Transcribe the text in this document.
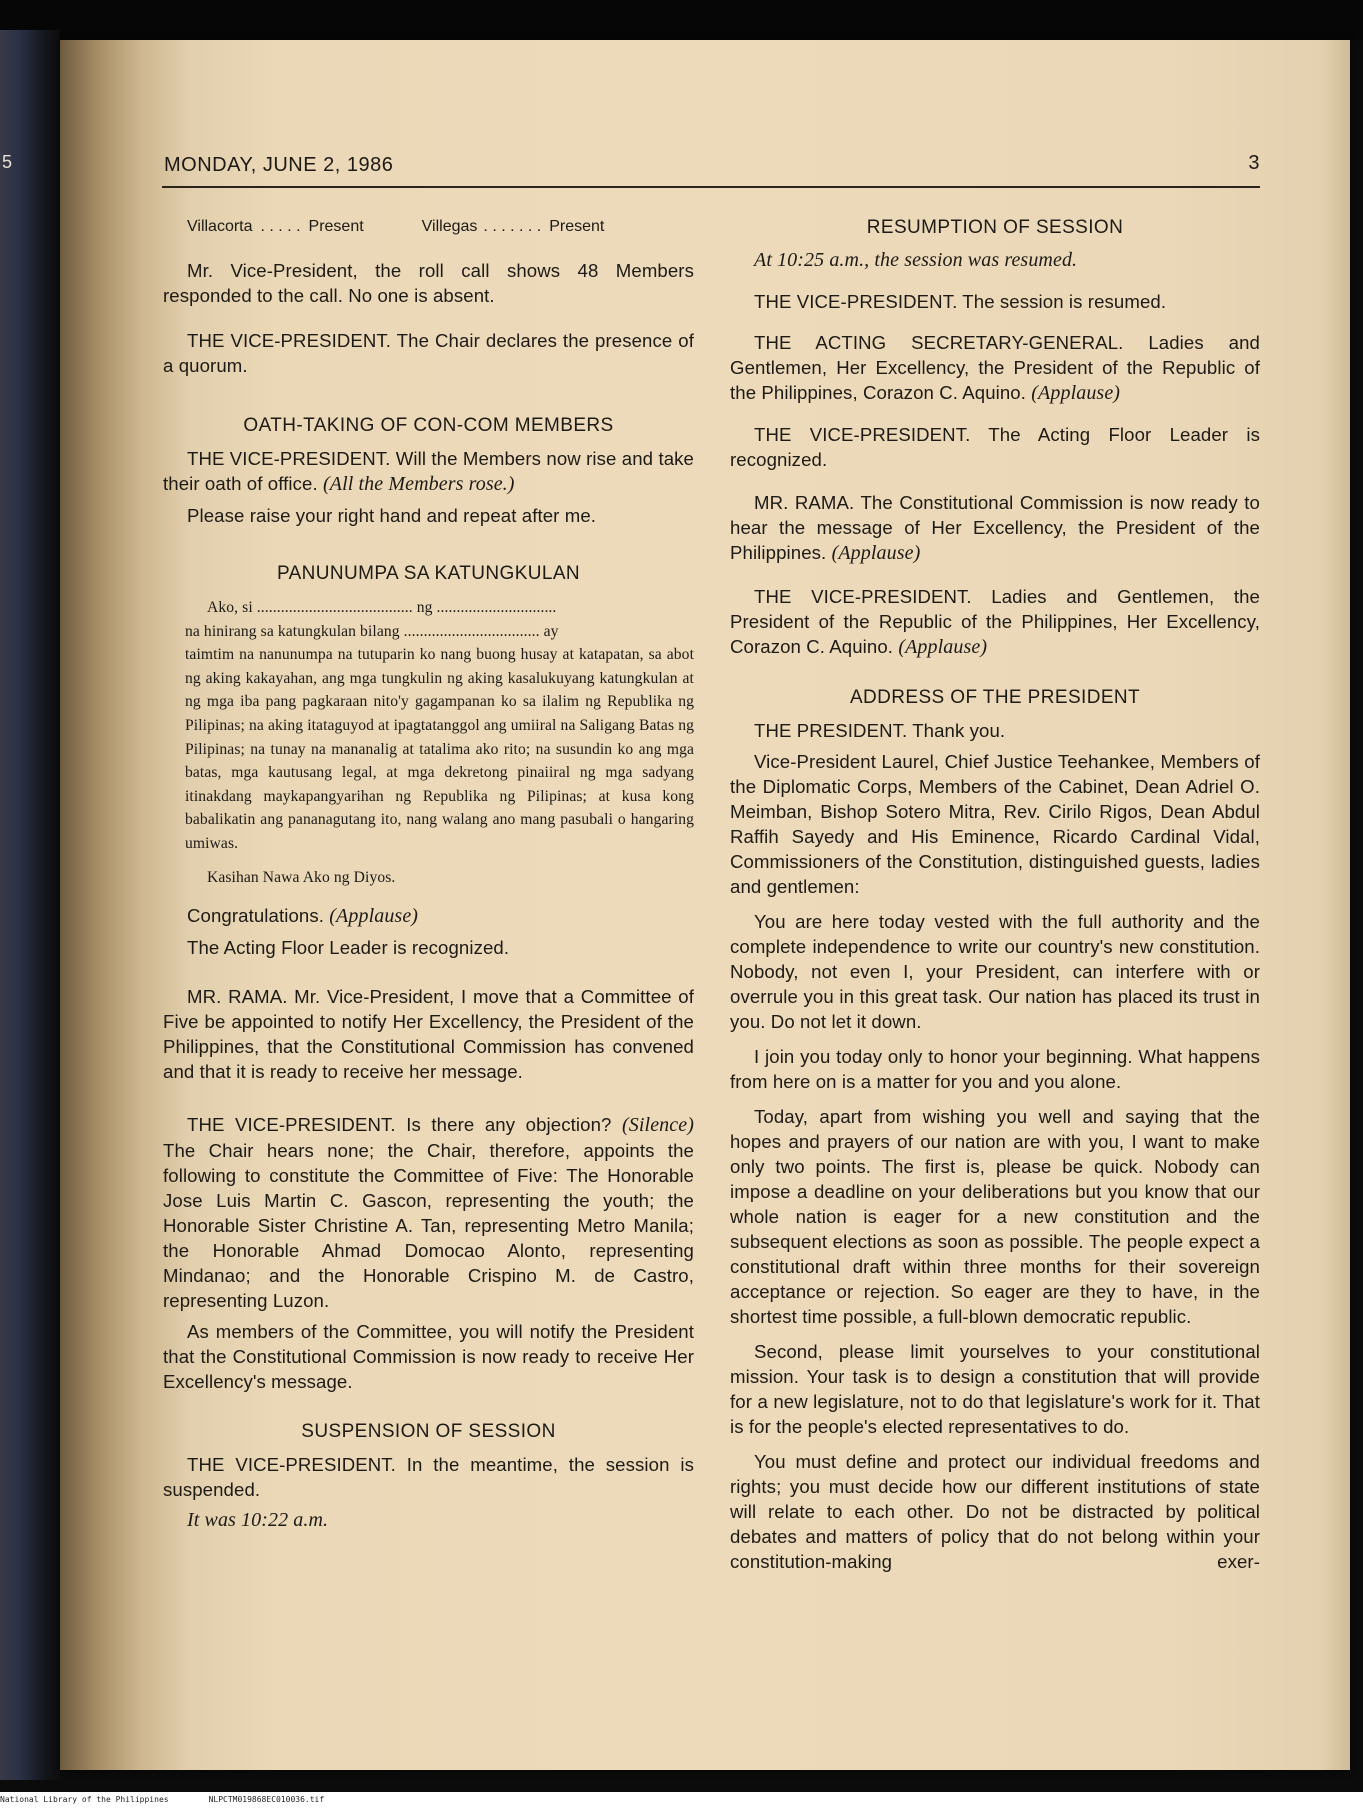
5	MONDAY, JUNE 2, 1986	3
Villacorta . . . . . Present	Villegas . . . . . . . Present

Mr. Vice-President, the roll call shows 48 Members responded to the call. No one is absent.

THE VICE-PRESIDENT. The Chair declares the presence of a quorum.

OATH-TAKING OF CON-COM MEMBERS

THE VICE-PRESIDENT. Will the Members now rise and take their oath of office. (All the Members rose.)

Please raise your right hand and repeat after me.

PANUNUMPA SA KATUNGKULAN

Ako, si ....................................... ng ..............................

na hinirang sa katungkulan bilang .................................. ay

taimtim na nanunumpa na tutuparin ko nang buong husay at katapatan, sa abot ng aking kakayahan, ang mga tungkulin ng aking kasalukuyang katungkulan at ng mga iba pang pagkaraan nito'y gagampanan ko sa ilalim ng Republika ng Pilipinas; na aking itataguyod at ipagtatanggol ang umiiral na Saligang Batas ng Pilipinas; na tunay na mananalig at tatalima ako rito; na susundin ko ang mga batas, mga kautusang legal, at mga dekretong pinaiiral ng mga sadyang itinakdang maykapangyarihan ng Republika ng Pilipinas; at kusa kong babalikatin ang pananagutang ito, nang walang ano mang pasubali o hangaring umiwas.

Kasihan Nawa Ako ng Diyos.

Congratulations. (Applause)

The Acting Floor Leader is recognized.

MR. RAMA. Mr. Vice-President, I move that a Committee of Five be appointed to notify Her Excellency, the President of the Philippines, that the Constitutional Commission has convened and that it is ready to receive her message.

THE VICE-PRESIDENT. Is there any objection? (Silence) The Chair hears none; the Chair, therefore, appoints the following to constitute the Committee of Five: The Honorable Jose Luis Martin C. Gascon, representing the youth; the Honorable Sister Christine A. Tan, representing Metro Manila; the Honorable Ahmad Domocao Alonto, representing Mindanao; and the Honorable Crispino M. de Castro, representing Luzon.

As members of the Committee, you will notify the President that the Constitutional Commission is now ready to receive Her Excellency's message.

SUSPENSION OF SESSION

THE VICE-PRESIDENT. In the meantime, the session is suspended.

It was 10:22 a.m.

RESUMPTION OF SESSION

At 10:25 a.m., the session was resumed.

THE VICE-PRESIDENT. The session is resumed.

THE ACTING SECRETARY-GENERAL. Ladies and Gentlemen, Her Excellency, the President of the Republic of the Philippines, Corazon C. Aquino. (Applause)

THE VICE-PRESIDENT. The Acting Floor Leader is recognized.

MR. RAMA. The Constitutional Commission is now ready to hear the message of Her Excellency, the President of the Philippines. (Applause)

THE VICE-PRESIDENT. Ladies and Gentlemen, the President of the Republic of the Philippines, Her Excellency, Corazon C. Aquino. (Applause)

ADDRESS OF THE PRESIDENT

THE PRESIDENT. Thank you.

Vice-President Laurel, Chief Justice Teehankee, Members of the Diplomatic Corps, Members of the Cabinet, Dean Adriel O. Meimban, Bishop Sotero Mitra, Rev. Cirilo Rigos, Dean Abdul Raffih Sayedy and His Eminence, Ricardo Cardinal Vidal, Commissioners of the Constitution, distinguished guests, ladies and gentlemen:

You are here today vested with the full authority and the complete independence to write our country's new constitution. Nobody, not even I, your President, can interfere with or overrule you in this great task. Our nation has placed its trust in you. Do not let it down.

I join you today only to honor your beginning. What happens from here on is a matter for you and you alone.

Today, apart from wishing you well and saying that the hopes and prayers of our nation are with you, I want to make only two points. The first is, please be quick. Nobody can impose a deadline on your deliberations but you know that our whole nation is eager for a new constitution and the subsequent elections as soon as possible. The people expect a constitutional draft within three months for their sovereign acceptance or rejection. So eager are they to have, in the shortest time possible, a full-blown democratic republic.

Second, please limit yourselves to your constitutional mission. Your task is to design a constitution that will provide for a new legislature, not to do that legislature's work for it. That is for the people's elected representatives to do.

You must define and protect our individual freedoms and rights; you must decide how our different institutions of state will relate to each other. Do not be distracted by political debates and matters of policy that do not belong within your constitution-making exer-

National Library of the Philippines	NLPCTM019868EC010036.tif
